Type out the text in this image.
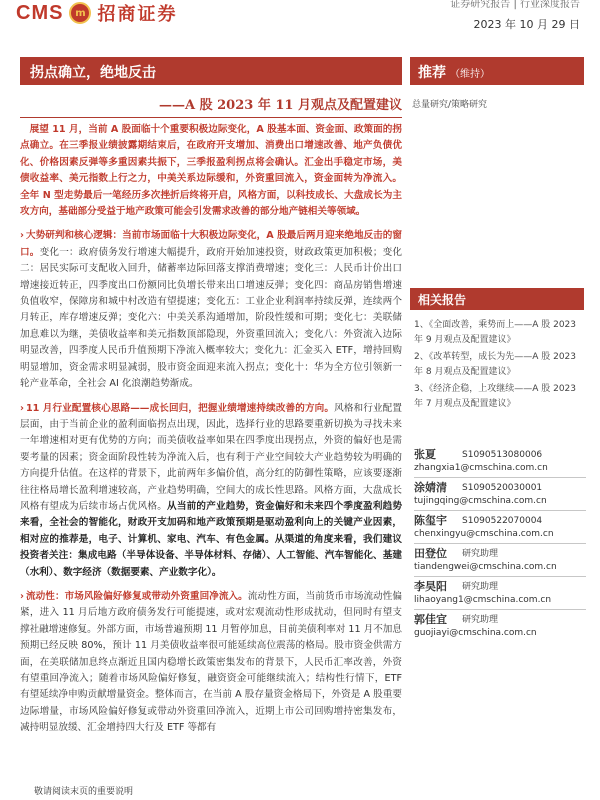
CMS	m 招商证券	证券研究报告 | 行业深度报告
2023 年 10 月 29 日
拐点确立，绝地反击	推荐 （维持）
——A 股 2023 年 11 月观点及配置建议 总量研究/策略研究
展望 11 月，当前 A 股面临十个重要积极边际变化，A 股基本面、资金面、政策面的拐点确立。在三季报业绩披露期结束后，在政府开支增加、消费出口增速改善、地产负债优化、价格因素反弹等多重因素共振下，三季报盈利拐点将会确认。汇金出手稳定市场，美债收益率、美元指数上行之力，中美关系边际缓和，外资重回流入，资金面转为净流入。全年 N 型走势最后一笔经历多次挫折后终将开启，风格方面，以科技成长、大盘成长为主攻方向，基础部分受益于地产政策可能会引发需求改善的部分地产链相关等领域。
› 大势研判和核心逻辑：当前市场面临十大积极边际变化，A 股最后两月迎来绝地反击的窗口。变化一：政府债务发行增速大幅提升，政府开始加速投资，财政政策更加积极；变化二：居民实际可支配收入回升，储蓄率边际回落支撑消费增速；变化三：人民币计价出口增速接近转正，四季度出口份额同比负增长带来出口增速反弹；变化四：商品房销售增速负值收窄，保障房和城中村改造有望提速；变化五：工业企业利润率持续反弹，连续两个月转正，库存增速反弹；变化六：中美关系沟通增加，阶段性缓和可期；变化七：美联储加息难以为继，美债收益率和美元指数顶部隐现，外资重回流入；变化八：外资流入边际明显改善，四季度人民币升值预期下净流入概率较大；变化九：汇金买入 ETF，增持回购明显增加，资金需求明显减弱，股市资金面迎来流入拐点；变化十：华为全方位引领新一轮产业革命，全社会 AI 化浪潮趋势渐成。
› 11 月行业配置核心思路——成长回归，把握业绩增速持续改善的方向。风格和行业配置层面，由于当前企业的盈利面临拐点出现，因此，选择行业的思路要重新切换为寻找未来一年增速相对更有优势的方向；而美债收益率如果在四季度出现拐点，外资的偏好也是需要考量的因素；资金面阶段性转为净流入后，也有利于产业空间较大产业趋势较为明确的方向提升估值。在这样的背景下，此前两年多偏价值，高分红的防御性策略，应该要逐渐往往格局增长盈利增速较高，产业趋势明确，空间大的成长性思路。风格方面，大盘成长风格有望成为后续市场占优风格。从当前的产业趋势，资金偏好和未来四个季度盈利趋势来看，全社会的智能化，财政开支加码和地产政策预期是驱动盈利向上的关键产业因素，相对应的推荐是，电子、计算机、家电、汽车、有色金属。从渠道的角度来看，我们建议投资者关注：集成电路（半导体设备、半导体材料、存储）、人工智能、汽车智能化、基建（水利）、数字经济（数据要素、产业数字化）。
› 流动性：市场风险偏好修复或带动外资重回净流入。流动性方面，当前货币市场流动性偏紧，进入 11 月后地方政府债务发行可能提速，或对宏观流动性形成扰动，但同时有望支撑社融增速修复。外部方面，市场普遍预期 11 月暂停加息，目前美债利率对 11 月不加息预期已经反映 80%，预计 11 月美债收益率很可能延续高位震荡的格局。股市资金供需方面，在美联储加息终点渐近且国内稳增长政策密集发布的背景下，人民币汇率改善，外资有望重回净流入；随着市场风险偏好修复，融资资金可能继续流入；结构性行情下，ETF 有望延续净申购贡献增量资金。整体而言，在当前 A 股存量资金格局下，外资是 A 股重要边际增量，市场风险偏好修复或带动外资重回净流入，近期上市公司回购增持密集发布，减持明显放缓、汇金增持四大行及 ETF 等都有
相关报告
1、《全面改善，乘势而上——A 股 2023 年 9 月观点及配置建议》
2、《改革转型，成长为先——A 股 2023 年 8 月观点及配置建议》
3、《经济企稳，上攻继续——A 股 2023 年 7 月观点及配置建议》
张夏	S1090513080006
zhangxia1@cmschina.com.cn
涂婧清 S1090520030001
tujingqing@cmschina.com.cn
陈玺宇 S1090522070004
chenxingyu@cmschina.com.cn
田登位 研究助理
tiandengwei@cmschina.com.cn
李昊阳 研究助理
lihaoyang1@cmschina.com.cn
郭佳宜 研究助理
guojiayi@cmschina.com.cn
敬请阅读末页的重要说明
